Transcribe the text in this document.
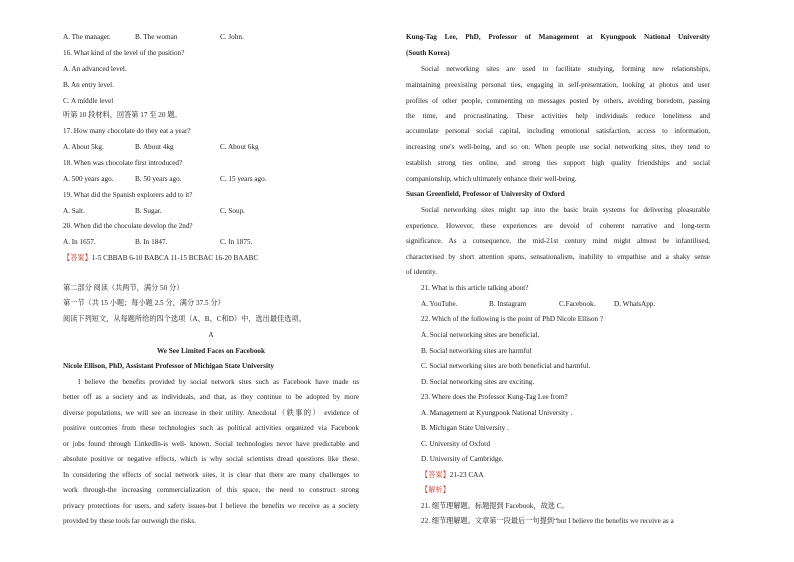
A. The manager.	B. The woman	C. John.
16. What kind of the level of the position?
A. An advanced level.
B. An entry level.
C. A middle level
听第 10 段材料，回答第 17 至 20 题。
17. How many chocolate do they eat a year?
A. About 5kg.	B. About 4kg	C. About 6kg
18. When was chocolate first introduced?
A. 500 years ago.	B. 50 years ago.	C. 15 years ago.
19. What did the Spanish explorers add to it?
A. Salt.	B. Sugar.	C. Soup.
20. When did the chocolate develop the 2nd?
A. In 1657.	B. In 1847.	C. In 1875.
【答案】1-5 CBBAB 6-10 BABCA 11-15 BCBAC 16-20 BAABC
第二部分 阅读（共两节，满分 50 分）
第一节（共 15 小题；每小题 2.5 分，满分 37.5 分）
阅读下列短文，从每题所给的四个选项（A、B、C和D）中，选出最佳选项。
A
We See Limited Faces on Facebook
Nicole Ellison, PhD, Assistant Professor of Michigan State University
I believe the benefits provided by social network sites such as Facebook have made us
better off as a society and as individuals, and that, as they continue to be adopted by more
diverse populations, we will see an increase in their utility. Anecdotal（轶事的） evidence of
positive outcomes from these technologies such as political activities organized via Facebook
or jobs found through LinkedIn-is well- known. Social technologies never have predictable and
absolute positive or negative effects, which is why social scientists dread questions like these.
In considering the effects of social network sites, it is clear that there are many challenges to
work through-the increasing commercialization of this space, the need to construct strong
privacy protections for users, and safety issues-but I believe the benefits we receive as a society
provided by these tools far outweigh the risks.
Kung-Tag Lee, PhD, Professor of Management at Kyungpook National University
(South Korea)
Social networking sites are used to facilitate studying, forming new relationships,
maintaining preexisting personal ties, engaging in self-presentation, looking at photos and user
profiles of other people, commenting on messages posted by others, avoiding boredom, passing
the time, and procrastinating. These activities help individuals reduce loneliness and
accumulate personal social capital, including emotional satisfaction, access to information,
increasing one's well-being, and so on. When people use social networking sites, they tend to
establish strong ties online, and strong ties support high quality friendships and social
companionship, which ultimately enhance their well-being.
Susan Greenfield, Professor of University of Oxford
Social networking sites might tap into the basic brain systems for delivering pleasurable
experience. However, these experiences are devoid of coherent narrative and long-term
significance. As a consequence, the mid-21st century mind might almost be infantilised,
characterised by short attention spans, sensationalism, inability to empathise and a shaky sense
of identity.
21. What is this article talking about?
A. YouTube.	B. Instagram	C.Facebook.	D. WhatsApp.
22. Which of the following is the point of PhD Nicole Ellison ?
A. Social networking sites are beneficial.
B. Social networking sites are harmful
C. Social networking sites are both beneficial and harmful.
D. Social networking sites are exciting.
23. Where does the Professor Kung-Tag Lee from?
A. Management at Kyungpook National University .
B. Michigan State University .
C. University of Oxford
D. University of Cambridge.
【答案】21-23 CAA
【解析】
21. 细节理解题。标题提到 Facebook，故选 C。
22. 细节理解题。文章第一段最后一句提到“but I believe the benefits we receive as a
